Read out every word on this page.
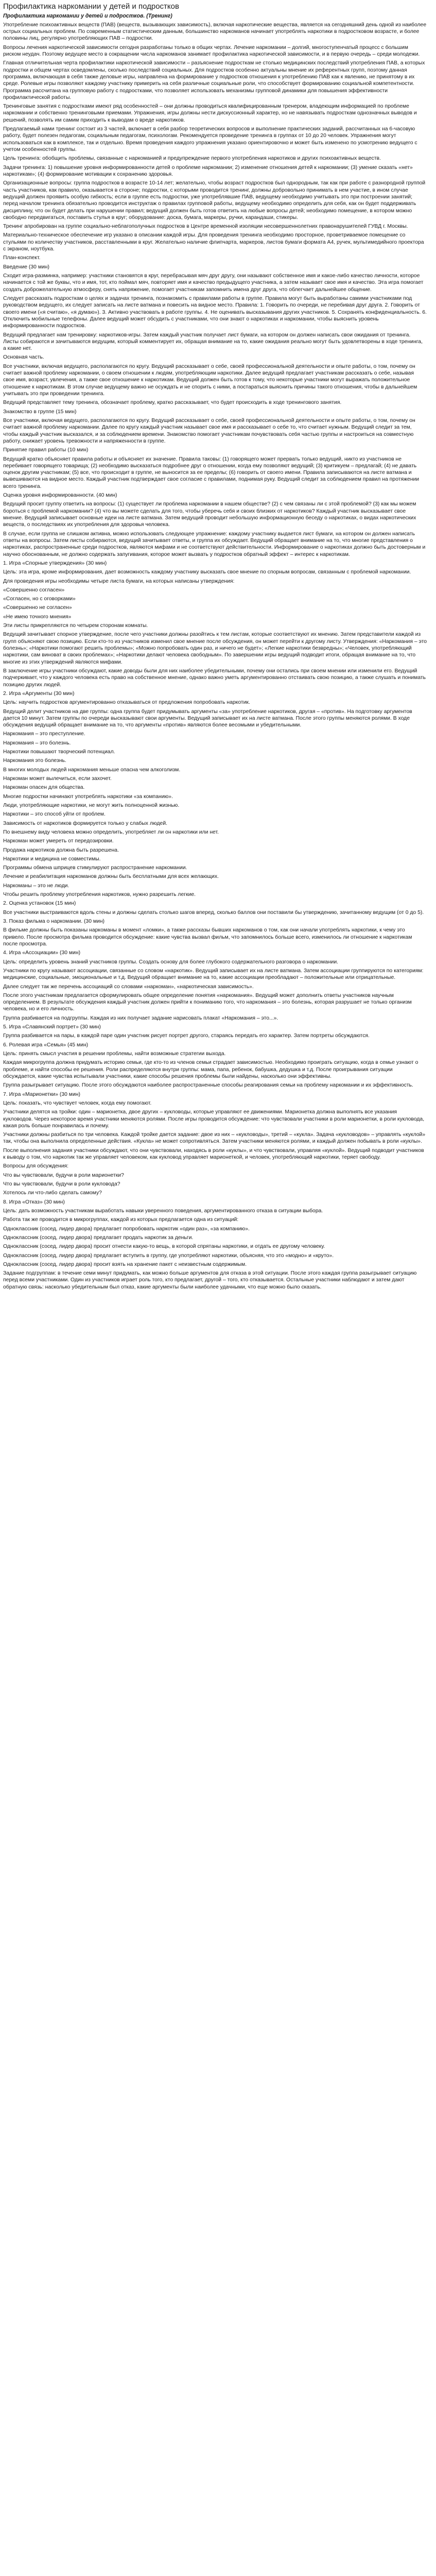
Профилактика наркомании у детей и подростков
Профилактика наркомании у детей и подростков. (Тренинг)

Употребление психоактивных веществ (ПАВ) (веществ, вызывающих зависимость), включая наркотические вещества, является на сегодняшний день одной из наиболее острых социальных проблем. По современным статистическим данным, большинство наркоманов начинает употреблять наркотики в подростковом возрасте, и более половины лиц, регулярно употребляющих ПАВ – подростки.

Вопросы лечения наркотической зависимости сегодня разработаны только в общих чертах. Лечение наркомании – долгий, многоступенчатый процесс с большим риском неудач. Поэтому ведущее место в сокращении числа наркоманов занимает профилактика наркотической зависимости, и в первую очередь – среди молодежи.

Главная отличительная черта профилактики наркотической зависимости – разъяснение подросткам не столько медицинских последствий употребления ПАВ, а которых подростки и общем чертах осведомлены, сколько последствий социальных. Для подростков особенно актуальны мнение их референтных групп, поэтому данная программа, включающая в себя также деловые игры, направлена на формирование у подростков отношения к употреблению ПАВ как к явлению, не принятому в их среде. Ролевые игры позволяют каждому участнику примерить на себя различные социальные роли, что способствует формированию социальной компетентности. Программа рассчитана на групповую работу с подростками, что позволяет использовать механизмы групповой динамики для повышения эффективности профилактической работы.

Тренинговые занятия с подростками имеют ряд особенностей – они должны проводиться квалифицированным тренером, владеющим информацией по проблеме наркомании и собственно тренинговыми приемами. Упражнения, игры должны нести дискуссионный характер, но не навязывать подросткам однозначных выводов и решений, позволять им самим приходить к выводам о вреде наркотиков.

Предлагаемый нами тренинг состоит из 3 частей, включает в себя разбор теоретических вопросов и выполнение практических заданий, рассчитанных на 6-часовую работу, будет полезен педагогам, социальным педагогам, психологам. Рекомендуется проведение тренинга в группах от 10 до 20 человек. Упражнения могут использоваться как в комплексе, так и отдельно. Время проведения каждого упражнения указано ориентировочно и может быть изменено по усмотрению ведущего с учетом особенностей группы.

Цель тренинга: обобщить проблемы, связанные с наркоманией и предупреждение первого употребления наркотиков и других психоактивных веществ.

Задачи тренинга: 1) повышение уровня информированности детей о проблеме наркомании; 2) изменение отношения детей к наркомании; (3) умение сказать «нет» наркотикам»; (4) формирование мотивации к сохранению здоровья.

Организационные вопросы: группа подростков в возрасте 10-14 лет; желательно, чтобы возраст подростков был однородным, так как при работе с разнородной группой часть участников, как правило, оказывается в стороне; подростки, с которыми проводится тренинг, должны добровольно принимать в нем участие, в ином случае ведущий должен проявить особую гибкость; если в группе есть подростки, уже употреблявшие ПАВ, ведущему необходимо учитывать это при построении занятий; перед началом тренинга обязательно проводится инструктаж о правилах групповой работы, ведущему необходимо определить для себя, как он будет поддерживать дисциплину, что он будет делать при нарушении правил; ведущий должен быть готов ответить на любые вопросы детей; необходимо помещение, в котором можно свободно передвигаться, поставить стулья в круг; оборудование: доска, бумага, маркеры, ручки, карандаши, стикеры.

Тренинг апробирован на группе социально-неблагополучных подростков в Центре временной изоляции несовершеннолетних правонарушителей ГУВД г. Москвы.

Материально-техническое обеспечение игр указано в описании каждой игры. Для проведения тренинга необходимо просторное, проветриваемое помещение со стульями по количеству участников, расставленными в круг. Желательно наличие флипчарта, маркеров, листов бумаги формата А4, ручек, мультимедийного проектора с экраном, ноутбука.

План-конспект.

Введение (30 мин)

Сходит игра-разминка, например: участники становятся в круг, перебрасывая мяч друг другу, они называют собственное имя и какое-либо качество личности, которое начинается с той же буквы, что и имя, тот, кто поймал мяч, повторяет имя и качество предыдущего участника, а затем называет свое имя и качество. Эта игра помогает создать доброжелательную атмосферу, снять напряжение, помогает участникам запомнить имена друг друга, что облегчает дальнейшее общение.

Следует рассказать подросткам о целях и задачах тренинга, познакомить с правилами работы в группе. Правила могут быть выработаны самими участниками под руководством ведущего, их следует записать на листе ватмана и повесить на видное место. Правила: 1. Говорить по очереди, не перебивая друг друга. 2. Говорить от своего имени («я считаю», «я думаю»). 3. Активно участвовать в работе группы. 4. Не оценивать высказывания других участников. 5. Сохранять конфиденциальность. 6. Отключить мобильные телефоны. Далее ведущий может обсудить с участниками, что они знают о наркотиках и наркомании, чтобы выяснить уровень информированности подростков.

Ведущий предлагает нам тренировку: наркотиков-игры. Затем каждый участник получает лист бумаги, на котором он должен написать свои ожидания от тренинга. Листы собираются и зачитываются ведущим, который комментирует их, обращая внимание на то, какие ожидания реально могут быть удовлетворены в ходе тренинга, а какие нет.

Основная часть.

Все участники, включая ведущего, располагаются по кругу. Ведущий рассказывает о себе, своей профессиональной деятельности и опыте работы, о том, почему он считает важной проблему наркомании, о своем отношении к людям, употребляющим наркотики. Далее ведущий предлагает участникам рассказать о себе, называя свое имя, возраст, увлечения, а также свое отношение к наркотикам. Ведущий должен быть готов к тому, что некоторые участники могут выражать положительное отношение к наркотикам. В этом случае ведущему важно не осуждать и не спорить с ними, а постараться выяснить причины такого отношения, чтобы в дальнейшем учитывать это при проведении тренинга.

Ведущий представляет тему тренинга, обозначает проблему, кратко рассказывает, что будет происходить в ходе тренингового занятия.

Знакомство в группе (15 мин)

Все участники, включая ведущего, располагаются по кругу. Ведущий рассказывает о себе, своей профессиональной деятельности и опыте работы, о том, почему он считает важной проблему наркомании. Далее по кругу каждый участник называет свое имя и рассказывает о себе то, что считает нужным. Ведущий следит за тем, чтобы каждый участник высказался, и за соблюдением времени. Знакомство помогает участникам почувствовать себя частью группы и настроиться на совместную работу, снижает уровень тревожности и напряженности в группе.

Принятие правил работы (10 мин)

Ведущий кратко объясняет правила работы и объясняет их значение. Правила таковы: (1) говорящего может прервать только ведущий, никто из участников не перебивает говорящего товарища; (2) необходимо высказаться подробнее друг о отношении, когда ему позволяют ведущий; (3) критикуем – предлагай; (4) не давать оценок другим участникам; (5) все, что происходит в группе, не выносится за ее пределы; (6) говорить от своего имени. Правила записываются на листе ватмана и вывешиваются на видное место. Каждый участник подтверждает свое согласие с правилами, поднимая руку. Ведущий следит за соблюдением правил на протяжении всего тренинга.

Оценка уровня информированности. (40 мин)

Ведущий просит группу ответить на вопросы: (1) существует ли проблема наркомании в нашем обществе? (2) с чем связаны ли с этой проблемой? (3) как мы можем бороться с проблемой наркомании? (4) что вы можете сделать для того, чтобы уберечь себя и своих близких от наркотиков? Каждый участник высказывает свое мнение. Ведущий записывает основные идеи на листе ватмана. Затем ведущий проводит небольшую информационную беседу о наркотиках, о видах наркотических веществ, о последствиях их употребления для здоровья человека.

В случае, если группа не слишком активна, можно использовать следующее упражнение: каждому участнику выдается лист бумаги, на котором он должен написать ответы на вопросы. Затем листы собираются, ведущий зачитывает ответы, и группа их обсуждает. Ведущий обращает внимание на то, что многие представления о наркотиках, распространенные среди подростков, являются мифами и не соответствуют действительности. Информирование о наркотиках должно быть достоверным и научно обоснованным, не должно содержать запугивания, которое может вызвать у подростков обратный эффект – интерес к наркотикам.

1. Игра «Спорные утверждения» (30 мин)

Цель: эта игра, кроме информирования, дает возможность каждому участнику высказать свое мнение по спорным вопросам, связанным с проблемой наркомании.

Для проведения игры необходимы четыре листа бумаги, на которых написаны утверждения:

«Совершенно согласен»

«Согласен, но с оговорками»

«Совершенно не согласен»

«Не имею точного мнения»

Эти листы прикрепляются по четырем сторонам комнаты.

Ведущий зачитывает спорное утверждение, после чего участники должны разойтись к тем листам, которые соответствуют их мнению. Затем представители каждой из групп объясняют свою позицию. Если кто-то из участников изменил свое мнение после обсуждения, он может перейти к другому листу. Утверждения: «Наркомания – это болезнь»; «Наркотики помогают решить проблемы»; «Можно попробовать один раз, и ничего не будет»; «Легкие наркотики безвредны»; «Человек, употребляющий наркотики, сам виноват в своих проблемах»; «Наркотики делают человека свободным». По завершении игры ведущий подводит итоги, обращая внимание на то, что многие из этих утверждений являются мифами.

В заключение игры участники обсуждают, какие доводы были для них наиболее убедительными, почему они остались при своем мнении или изменили его. Ведущий подчеркивает, что у каждого человека есть право на собственное мнение, однако важно уметь аргументированно отстаивать свою позицию, а также слушать и понимать позицию других людей.

2. Игра «Аргументы (30 мин)

Цель: научить подростков аргументированно отказываться от предложения попробовать наркотик.

Ведущий делит участников на две группы: одна группа будет придумывать аргументы «за» употребление наркотиков, другая – «против». На подготовку аргументов дается 10 минут. Затем группы по очереди высказывают свои аргументы. Ведущий записывает их на листе ватмана. После этого группы меняются ролями. В ходе обсуждения ведущий обращает внимание на то, что аргументы «против» являются более весомыми и убедительными.

Наркомания – это преступление.

Наркомания – это болезнь.

Наркотики повышают творческий потенциал.

Наркомания это болезнь.

В многих молодых людей наркомания меньше опасна чем алкоголизм.

Наркоман может вылечиться, если захочет.

Наркоман опасен для общества.

Многие подростки начинают употреблять наркотики «за компанию».

Люди, употребляющие наркотики, не могут жить полноценной жизнью.

Наркотики – это способ уйти от проблем.

Зависимость от наркотиков формируется только у слабых людей.

По внешнему виду человека можно определить, употребляет ли он наркотики или нет.

Наркоман может умереть от передозировки.

Продажа наркотиков должна быть разрешена.

Наркотики и медицина не совместимы.

Программы обмена шприцев стимулируют распространение наркомании.

Лечение и реабилитация наркоманов должны быть бесплатными для всех желающих.

Наркоманы – это не люди.

Чтобы решить проблему употребления наркотиков, нужно разрешить легкие.

2. Оценка установок (15 мин)

Все участники выстраиваются вдоль стены и должны сделать столько шагов вперед, сколько баллов они поставили бы утверждению, зачитанному ведущим (от 0 до 5).

3. Показ фильма о наркомании. (30 мин)

В фильме должны быть показаны наркоманы в момент «ломки», а также рассказы бывших наркоманов о том, как они начали употреблять наркотики, к чему это привело. После просмотра фильма проводится обсуждение: какие чувства вызвал фильм, что запомнилось больше всего, изменилось ли отношение к наркотикам после просмотра.

4. Игра «Ассоциации» (30 мин)

Цель: определить уровень знаний участников группы. Создать основу для более глубокого содержательного разговора о наркомании.

Участники по кругу называют ассоциации, связанные со словом «наркотик». Ведущий записывает их на листе ватмана. Затем ассоциации группируются по категориям: медицинские, социальные, эмоциональные и т.д. Ведущий обращает внимание на то, какие ассоциации преобладают – положительные или отрицательные.

Далее следует так же перечень ассоциаций со словами «наркоман», «наркотическая зависимость».

После этого участникам предлагается сформулировать общее определение понятия «наркомания». Ведущий может дополнить ответы участников научным определением. В результате обсуждения каждый участник должен прийти к пониманию того, что наркомания – это болезнь, которая разрушает не только организм человека, но и его личность.

Группа разбивается на подгруппы. Каждая из них получает задание нарисовать плакат «Наркомания – это...».

5. Игра «Славянский портрет» (30 мин)

Группа разбивается на пары, в каждой паре один участник рисует портрет другого, стараясь передать его характер. Затем портреты обсуждаются.

6. Ролевая игра «Семья» (45 мин)

Цель: принять смысл участия в решении проблемы, найти возможные стратегии выхода.

Каждая микрогруппа должна придумать историю семьи, где кто-то из членов семьи страдает зависимостью. Необходимо проиграть ситуацию, когда в семье узнают о проблеме, и найти способы ее решения. Роли распределяются внутри группы: мама, папа, ребенок, бабушка, дедушка и т.д. После проигрывания ситуации обсуждается, какие чувства испытывали участники, какие способы решения проблемы были найдены, насколько они эффективны.

Группа разыгрывает ситуацию. После этого обсуждаются наиболее распространенные способы реагирования семьи на проблему наркомании и их эффективность.

7. Игра «Марионетки» (30 мин)

Цель: показать, что чувствует человек, когда ему помогают.

Участники делятся на тройки: один – марионетка, двое других – кукловоды, которые управляют ее движениями. Марионетка должна выполнять все указания кукловодов. Через некоторое время участники меняются ролями. После игры проводится обсуждение: что чувствовали участники в роли марионетки, в роли кукловода, какая роль больше понравилась и почему.

Участники должны разбиться по три человека. Каждой тройке дается задание: двое из них – «кукловоды», третий – «кукла». Задача «кукловодов» – управлять «куклой» так, чтобы она выполнила определенные действия. «Кукла» не может сопротивляться. Затем участники меняются ролями, и каждый должен побывать в роли «куклы».

После выполнения задания участники обсуждают, что они чувствовали, находясь в роли «куклы», и что чувствовали, управляя «куклой». Ведущий подводит участников к выводу о том, что наркотик так же управляет человеком, как кукловод управляет марионеткой, и человек, употребляющий наркотики, теряет свободу.

Вопросы для обсуждения:

Что вы чувствовали, будучи в роли марионетки?

Что вы чувствовали, будучи в роли кукловода?

Хотелось ли что-либо сделать самому?

8. Игра «Отказ» (30 мин)

Цель: дать возможность участникам выработать навыки уверенного поведения, аргументированного отказа в ситуации выбора.

Работа так же проводится в микрогруппах, каждой из которых предлагается одна из ситуаций:

Одноклассник (сосед, лидер двора) предлагает попробовать наркотик «один раз», «за компанию».

Одноклассник (сосед, лидер двора) предлагает продать наркотик за деньги.

Одноклассник (сосед, лидер двора) просит отнести какую-то вещь, в которой спрятаны наркотики, и отдать ее другому человеку.

Одноклассник (сосед, лидер двора) предлагает вступить в группу, где употребляют наркотики, объясняя, что это «модно» и «круто».

Одноклассник (сосед, лидер двора) просит взять на хранение пакет с неизвестным содержимым.

Задание подгруппам: в течение семи минут придумать, как можно больше аргументов для отказа в этой ситуации. После этого каждая группа разыгрывает ситуацию перед всеми участниками. Один из участников играет роль того, кто предлагает, другой – того, кто отказывается. Остальные участники наблюдают и затем дают обратную связь: насколько убедительным был отказ, какие аргументы были наиболее удачными, что еще можно было сказать.
